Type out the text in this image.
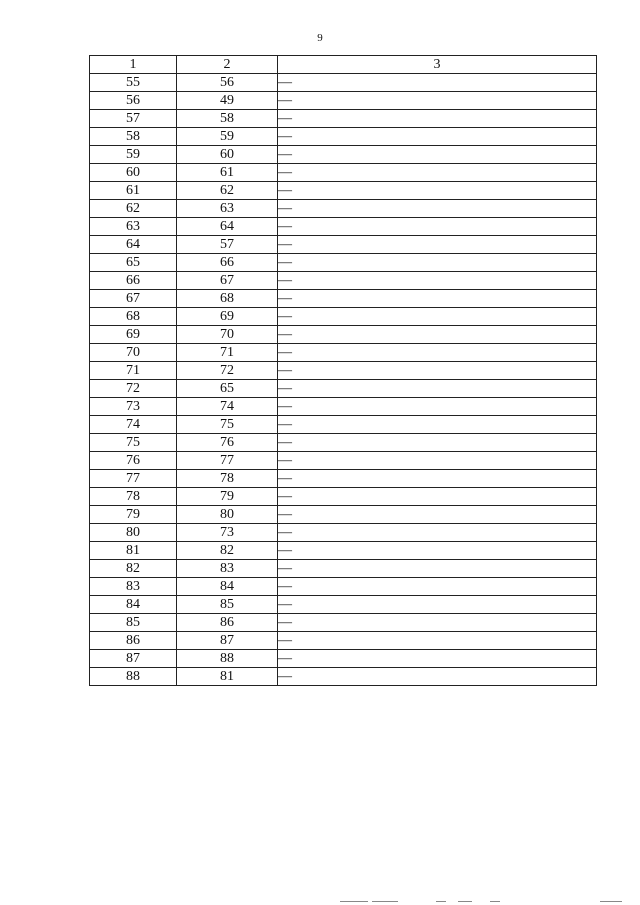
9
1	2	3
55	56	—
56	49	—
57	58	—
58	59	—
59	60	—
60	61	—
61	62	—
62	63	—
63	64	—
64	57	—
65	66	—
66	67	—
67	68	—
68	69	—
69	70	—
70	71	—
71	72	—
72	65	—
73	74	—
74	75	—
75	76	—
76	77	—
77	78	—
78	79	—
79	80	—
80	73	—
81	82	—
82	83	—
83	84	—
84	85	—
85	86	—
86	87	—
87	88	—
88	81	—
